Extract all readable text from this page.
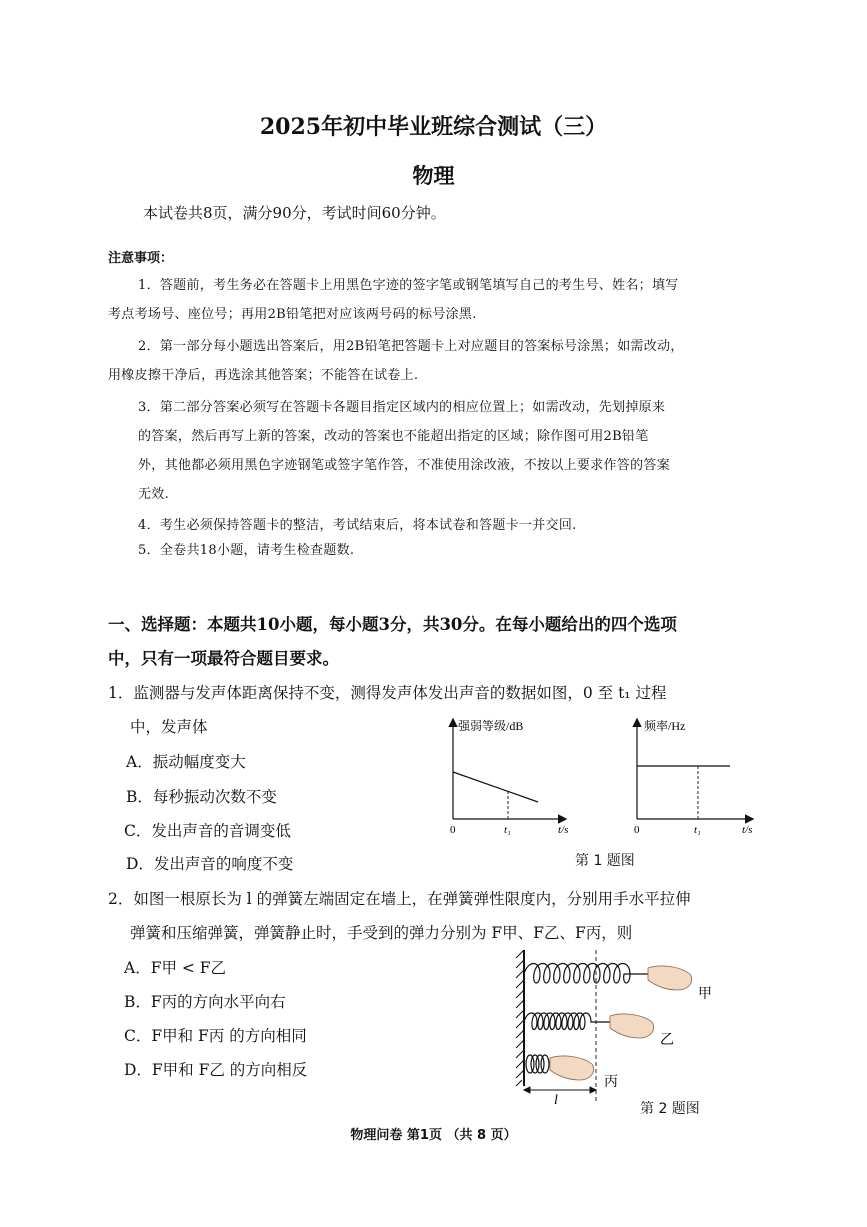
2025年初中毕业班综合测试（三）
物理
本试卷共8页，满分90分，考试时间60分钟。
注意事项：
1．答题前，考生务必在答题卡上用黑色字迹的签字笔或钢笔填写自己的考生号、姓名；填写
考点考场号、座位号；再用2B铅笔把对应该两号码的标号涂黑.
2．第一部分每小题选出答案后，用2B铅笔把答题卡上对应题目的答案标号涂黑；如需改动，
用橡皮擦干净后，再选涂其他答案；不能答在试卷上.
3．第二部分答案必须写在答题卡各题目指定区域内的相应位置上；如需改动，先划掉原来
的答案，然后再写上新的答案，改动的答案也不能超出指定的区域；除作图可用2B铅笔
外，其他都必须用黑色字迹钢笔或签字笔作答，不准使用涂改液，不按以上要求作答的答案
无效.
4．考生必须保持答题卡的整洁，考试结束后，将本试卷和答题卡一并交回.
5．全卷共18小题，请考生检查题数.
一、选择题：本题共10小题，每小题3分，共30分。在每小题给出的四个选项
中，只有一项最符合题目要求。
1．监测器与发声体距离保持不变，测得发声体发出声音的数据如图，0 至 t₁ 过程
中，发声体
A．振动幅度变大
B．每秒振动次数不变
C．发出声音的音调变低
D．发出声音的响度不变
强弱等级/dB
0	t₁	t/s
频率/Hz
0	t₁	t/s
第 1 题图
2．如图一根原长为 l 的弹簧左端固定在墙上，在弹簧弹性限度内，分别用手水平拉伸
弹簧和压缩弹簧，弹簧静止时，手受到的弹力分别为 F甲、F乙、F丙，则
A．F甲 < F乙
B．F丙的方向水平向右
C．F甲和 F丙 的方向相同
D．F甲和 F乙 的方向相反
l
甲
乙
丙
第 2 题图
物理问卷 第1页 （共 8 页）
